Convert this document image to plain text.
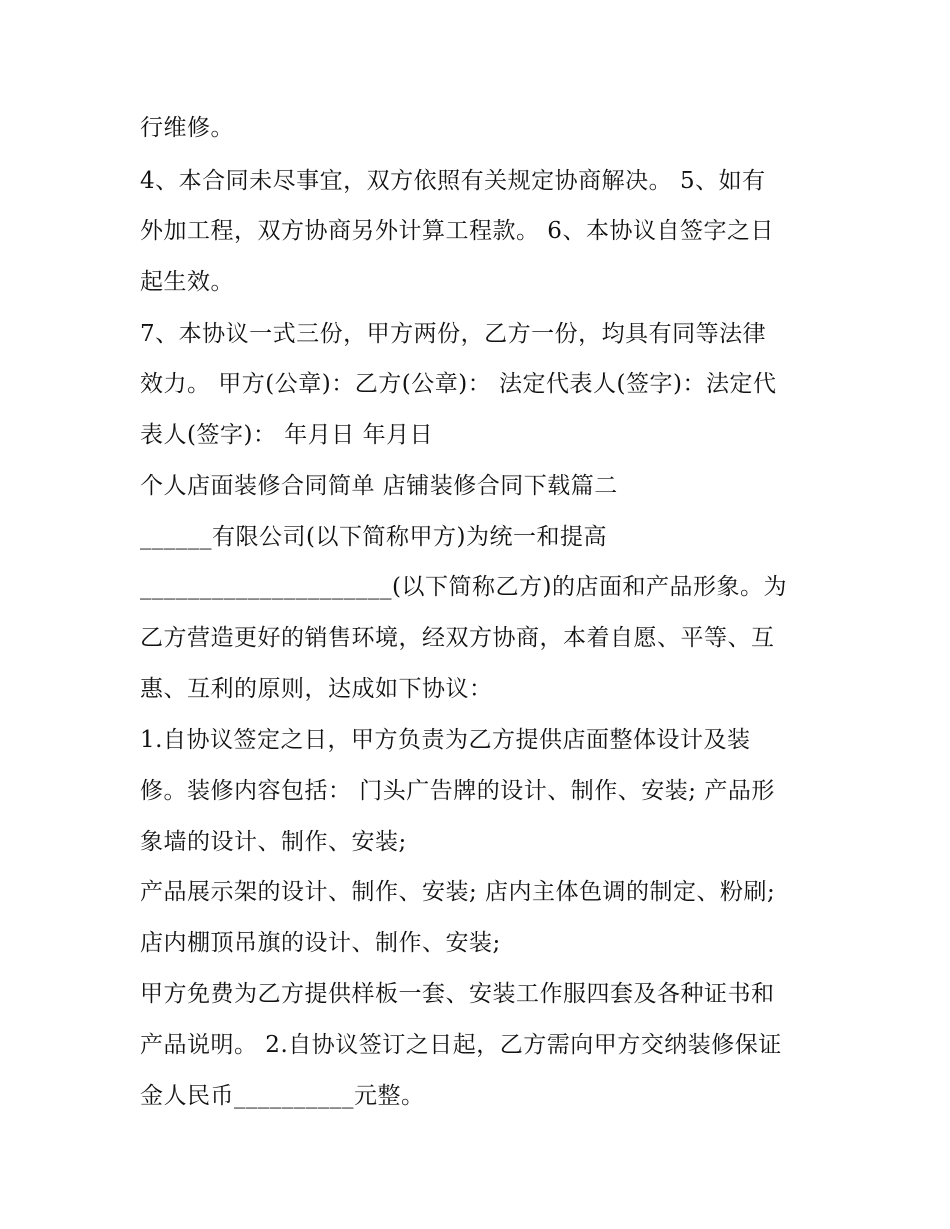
行维修。
4、本合同未尽事宜，双方依照有关规定协商解决。 5、如有
外加工程，双方协商另外计算工程款。 6、本协议自签字之日
起生效。
7、本协议一式三份，甲方两份，乙方一份，均具有同等法律
效力。 甲方(公章)：乙方(公章)： 法定代表人(签字)：法定代
表人(签字)： 年月日 年月日
个人店面装修合同简单 店铺装修合同下载篇二
______有限公司(以下简称甲方)为统一和提高
_____________________(以下简称乙方)的店面和产品形象。为
乙方营造更好的销售环境，经双方协商，本着自愿、平等、互
惠、互利的原则，达成如下协议：
1.自协议签定之日，甲方负责为乙方提供店面整体设计及装
修。装修内容包括： 门头广告牌的设计、制作、安装; 产品形
象墙的设计、制作、安装;
产品展示架的设计、制作、安装; 店内主体色调的制定、粉刷;
店内棚顶吊旗的设计、制作、安装;
甲方免费为乙方提供样板一套、安装工作服四套及各种证书和
产品说明。 2.自协议签订之日起，乙方需向甲方交纳装修保证
金人民币__________元整。
